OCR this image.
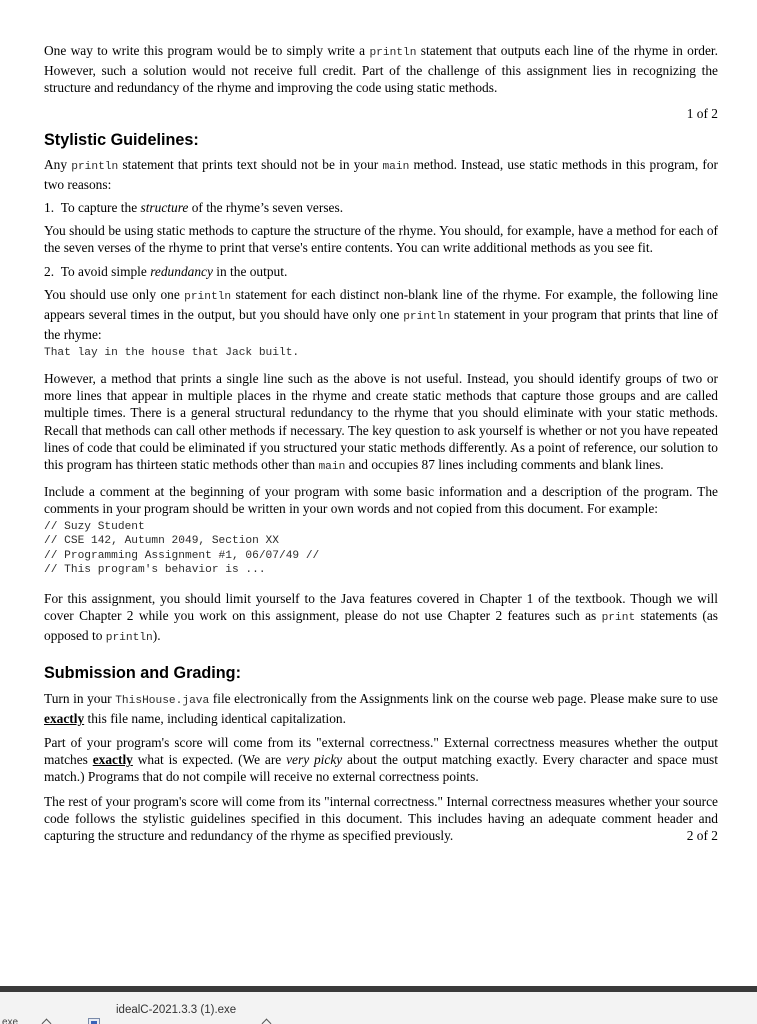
One way to write this program would be to simply write a println statement that outputs each line of the rhyme in order. However, such a solution would not receive full credit. Part of the challenge of this assignment lies in recognizing the structure and redundancy of the rhyme and improving the code using static methods.

1 of 2
Stylistic Guidelines:

Any println statement that prints text should not be in your main method. Instead, use static methods in this program, for two reasons:

1. To capture the structure of the rhyme’s seven verses.

You should be using static methods to capture the structure of the rhyme. You should, for example, have a method for each of the seven verses of the rhyme to print that verse's entire contents. You can write additional methods as you see fit.

2. To avoid simple redundancy in the output.

You should use only one println statement for each distinct non-blank line of the rhyme. For example, the following line appears several times in the output, but you should have only one println statement in your program that prints that line of the rhyme:

That lay in the house that Jack built.

However, a method that prints a single line such as the above is not useful. Instead, you should identify groups of two or more lines that appear in multiple places in the rhyme and create static methods that capture those groups and are called multiple times. There is a general structural redundancy to the rhyme that you should eliminate with your static methods. Recall that methods can call other methods if necessary. The key question to ask yourself is whether or not you have repeated lines of code that could be eliminated if you structured your static methods differently. As a point of reference, our solution to this program has thirteen static methods other than main and occupies 87 lines including comments and blank lines.

Include a comment at the beginning of your program with some basic information and a description of the program. The comments in your program should be written in your own words and not copied from this document. For example:

// Suzy Student
// CSE 142, Autumn 2049, Section XX
// Programming Assignment #1, 06/07/49 //
// This program's behavior is ...

For this assignment, you should limit yourself to the Java features covered in Chapter 1 of the textbook. Though we will cover Chapter 2 while you work on this assignment, please do not use Chapter 2 features such as print statements (as opposed to println).

Submission and Grading:

Turn in your ThisHouse.java file electronically from the Assignments link on the course web page. Please make sure to use exactly this file name, including identical capitalization.

Part of your program's score will come from its "external correctness." External correctness measures whether the output matches exactly what is expected. (We are very picky about the output matching exactly. Every character and space must match.) Programs that do not compile will receive no external correctness points.

The rest of your program's score will come from its "internal correctness." Internal correctness measures whether your source code follows the stylistic guidelines specified in this document. This includes having an adequate comment header and capturing the structure and redundancy of the rhyme as specified previously.	2 of 2

exe
idealC-2021.3.3 (1).exe
